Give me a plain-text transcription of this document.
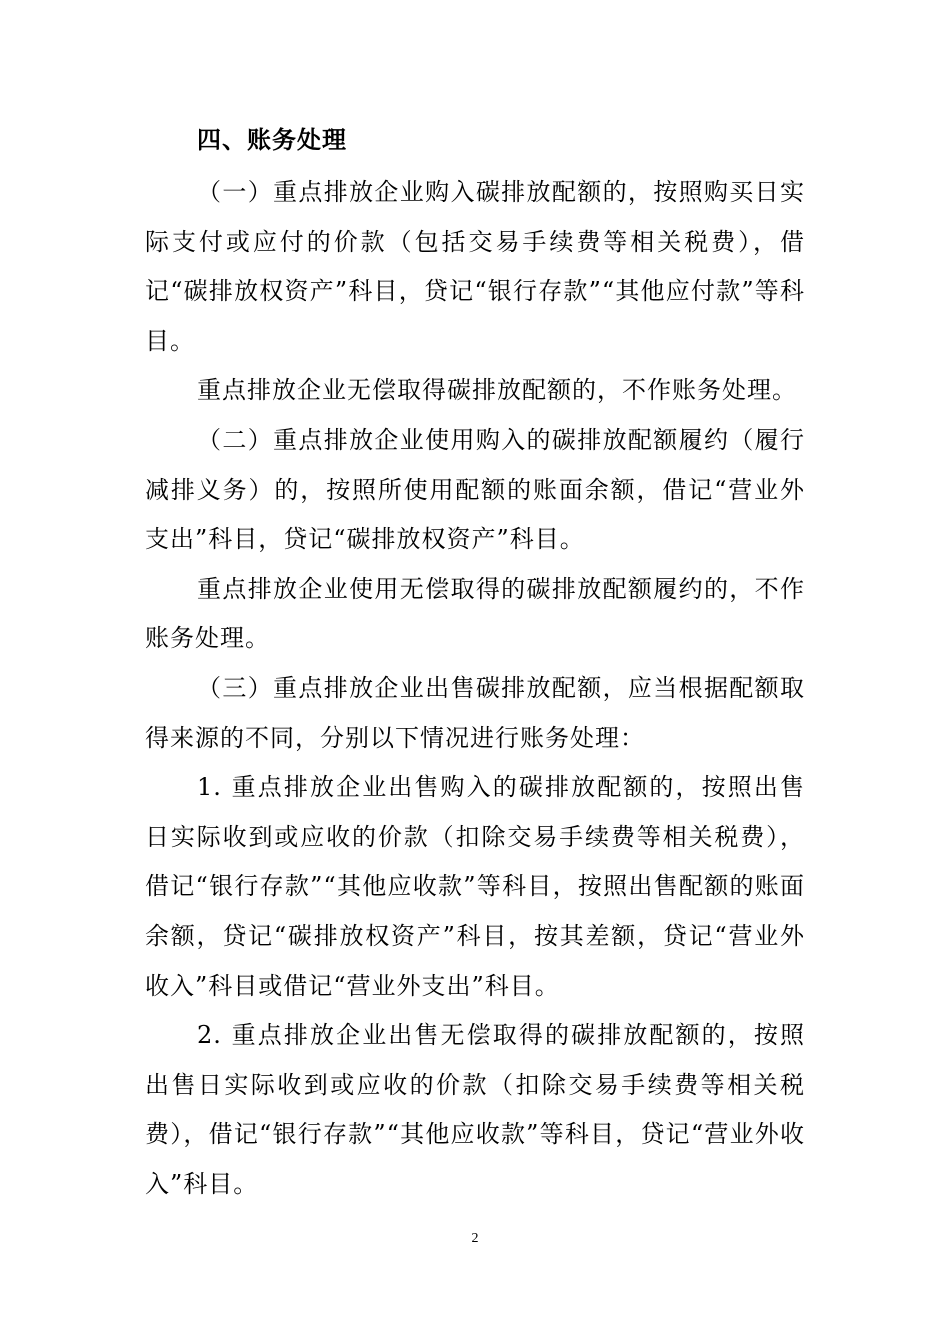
四、账务处理

（一）重点排放企业购入碳排放配额的，按照购买日实际支付或应付的价款（包括交易手续费等相关税费），借记“碳排放权资产”科目，贷记“银行存款”“其他应付款”等科目。

重点排放企业无偿取得碳排放配额的，不作账务处理。

（二）重点排放企业使用购入的碳排放配额履约（履行减排义务）的，按照所使用配额的账面余额，借记“营业外支出”科目，贷记“碳排放权资产”科目。

重点排放企业使用无偿取得的碳排放配额履约的，不作账务处理。

（三）重点排放企业出售碳排放配额，应当根据配额取得来源的不同，分别以下情况进行账务处理：

1. 重点排放企业出售购入的碳排放配额的，按照出售日实际收到或应收的价款（扣除交易手续费等相关税费），借记“银行存款”“其他应收款”等科目，按照出售配额的账面余额，贷记“碳排放权资产”科目，按其差额，贷记“营业外收入”科目或借记“营业外支出”科目。

2. 重点排放企业出售无偿取得的碳排放配额的，按照出售日实际收到或应收的价款（扣除交易手续费等相关税费），借记“银行存款”“其他应收款”等科目，贷记“营业外收入”科目。

2
